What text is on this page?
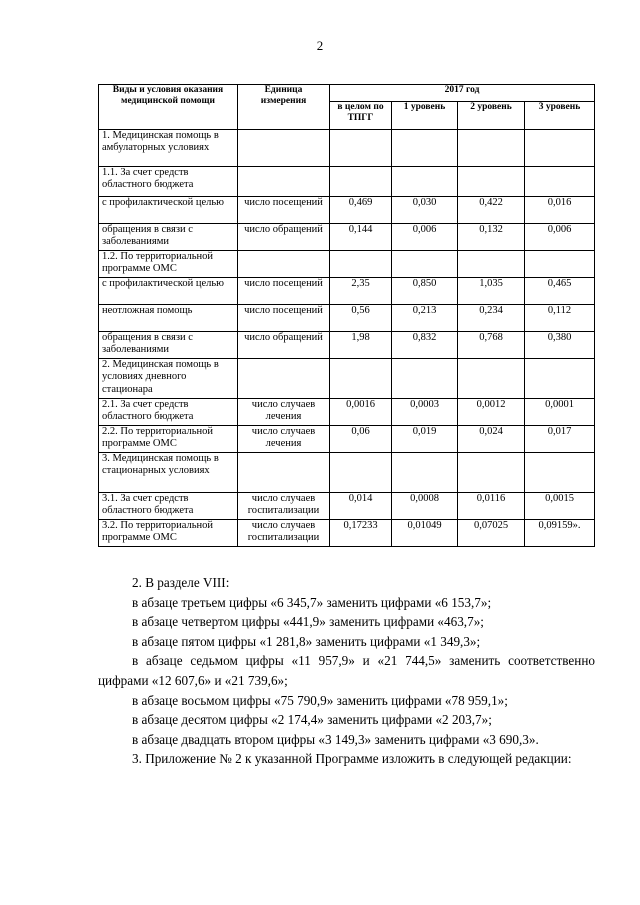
2
Виды и условия оказания медицинской помощи	Единица измерения	2017 год			
		в целом по ТПГГ	1 уровень	2 уровень	3 уровень
1. Медицинская помощь в амбулаторных условиях					
1.1. За счет средств областного бюджета					
с профилактической целью	число посещений	0,469	0,030	0,422	0,016
обращения в связи с заболеваниями	число обращений	0,144	0,006	0,132	0,006
1.2. По территориальной программе ОМС					
с профилактической целью	число посещений	2,35	0,850	1,035	0,465
неотложная помощь	число посещений	0,56	0,213	0,234	0,112
обращения в связи с заболеваниями	число обращений	1,98	0,832	0,768	0,380
2. Медицинская помощь в условиях дневного стационара					
2.1. За счет средств областного бюджета	число случаев лечения	0,0016	0,0003	0,0012	0,0001
2.2. По территориальной программе ОМС	число случаев лечения	0,06	0,019	0,024	0,017
3. Медицинская помощь в стационарных условиях					
3.1. За счет средств областного бюджета	число случаев госпитализации	0,014	0,0008	0,0116	0,0015
3.2. По территориальной программе ОМС	число случаев госпитализации	0,17233	0,01049	0,07025	0,09159».

2. В разделе VIII:

в абзаце третьем цифры «6 345,7» заменить цифрами «6 153,7»;

в абзаце четвертом цифры «441,9» заменить цифрами «463,7»;

в абзаце пятом цифры «1 281,8» заменить цифрами «1 349,3»;

в абзаце седьмом цифры «11 957,9» и «21 744,5» заменить соответственно цифрами «12 607,6» и «21 739,6»;

в абзаце восьмом цифры «75 790,9» заменить цифрами «78 959,1»;

в абзаце десятом цифры «2 174,4» заменить цифрами «2 203,7»;

в абзаце двадцать втором цифры «3 149,3» заменить цифрами «3 690,3».

3. Приложение № 2 к указанной Программе изложить в следующей редакции:
